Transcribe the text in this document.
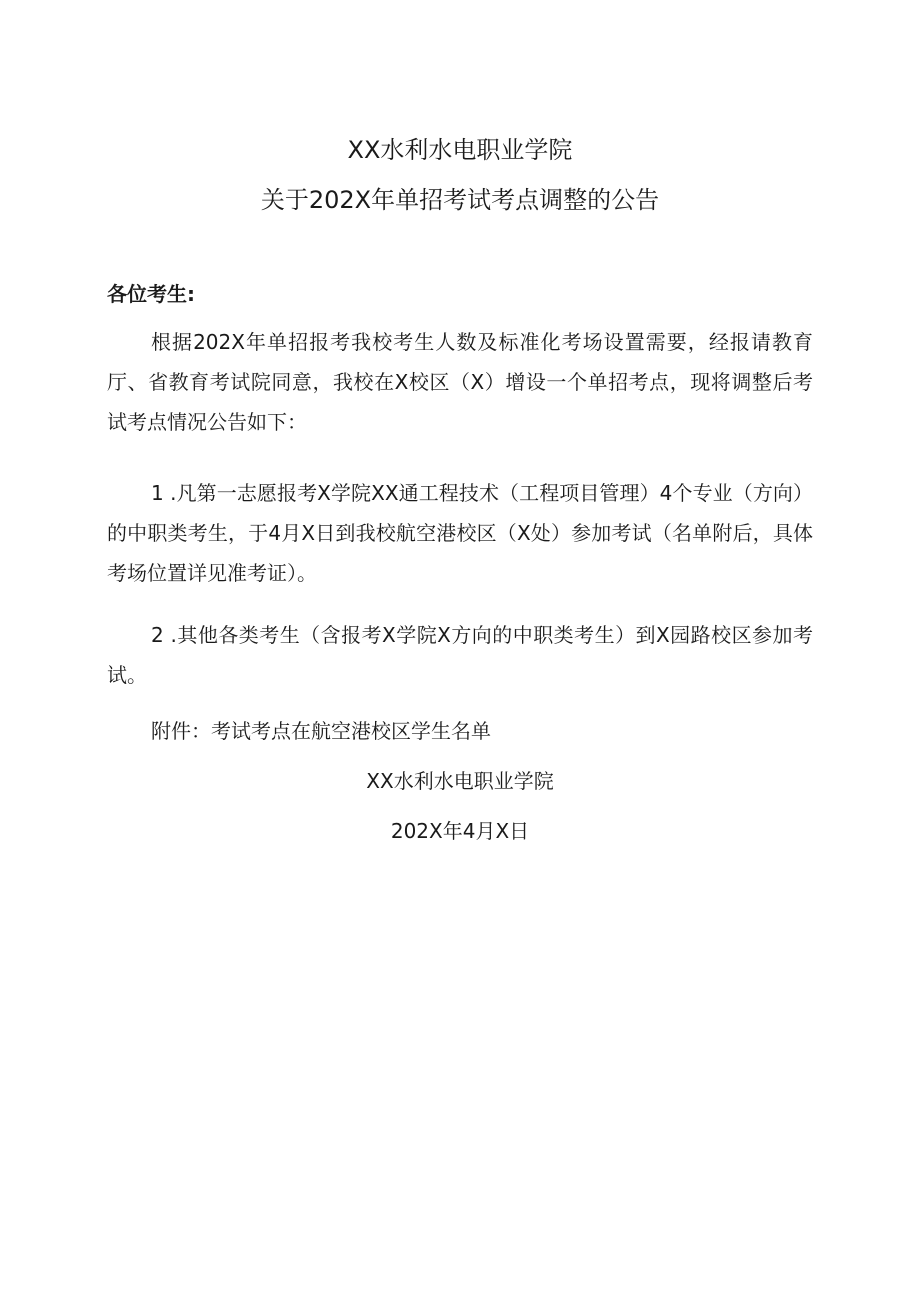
XX水利水电职业学院
关于202X年单招考试考点调整的公告
各位考生:
根据202X年单招报考我校考生人数及标准化考场设置需要，经报请教育厅、省教育考试院同意，我校在X校区（X）增设一个单招考点，现将调整后考试考点情况公告如下：
1 .凡第一志愿报考X学院XX通工程技术（工程项目管理）4个专业（方向）的中职类考生，于4月X日到我校航空港校区（X处）参加考试（名单附后，具体考场位置详见准考证）。
2 .其他各类考生（含报考X学院X方向的中职类考生）到X园路校区参加考试。
附件：考试考点在航空港校区学生名单
XX水利水电职业学院
202X年4月X日
